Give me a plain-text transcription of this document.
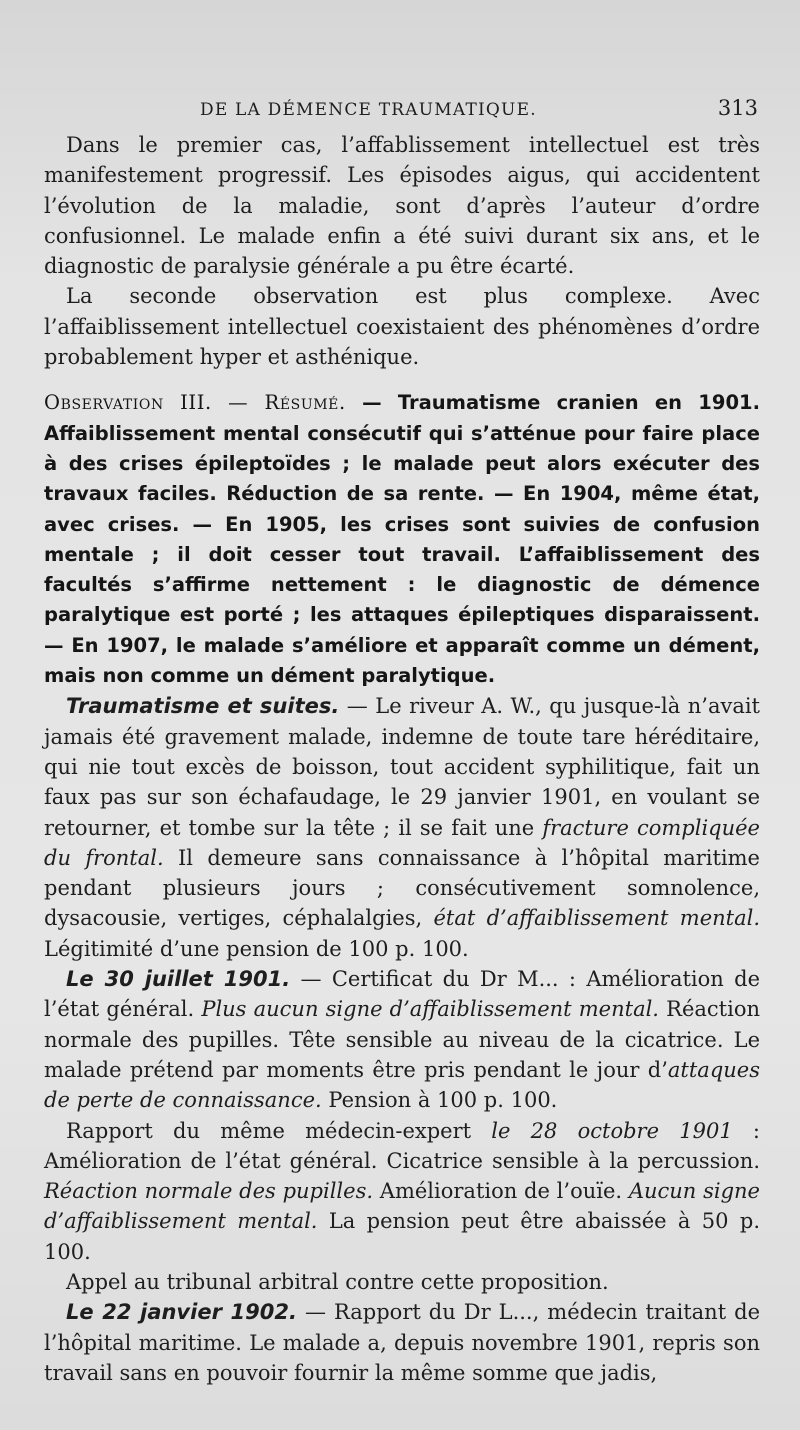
DE LA DÉMENCE TRAUMATIQUE.	313

Dans le premier cas, l’affablissement intellectuel est très manifestement progressif. Les épisodes aigus, qui accidentent l’évolution de la maladie, sont d’après l’auteur d’ordre confusionnel. Le malade enfin a été suivi durant six ans, et le diagnostic de paralysie générale a pu être écarté.

La seconde observation est plus complexe. Avec l’affaiblissement intellectuel coexistaient des phénomènes d’ordre probablement hyper et asthénique.

Observation III. — Résumé. — Traumatisme cranien en 1901. Affaiblissement mental consécutif qui s’atténue pour faire place à des crises épileptoïdes ; le malade peut alors exécuter des travaux faciles. Réduction de sa rente. — En 1904, même état, avec crises. — En 1905, les crises sont suivies de confusion mentale ; il doit cesser tout travail. L’affaiblissement des facultés s’affirme nettement : le diagnostic de démence paralytique est porté ; les attaques épileptiques disparaissent. — En 1907, le malade s’améliore et apparaît comme un dément, mais non comme un dément paralytique.

Traumatisme et suites. — Le riveur A. W., qu jusque-là n’avait jamais été gravement malade, indemne de toute tare héréditaire, qui nie tout excès de boisson, tout accident syphilitique, fait un faux pas sur son échafaudage, le 29 janvier 1901, en voulant se retourner, et tombe sur la tête ; il se fait une fracture compliquée du frontal. Il demeure sans connaissance à l’hôpital maritime pendant plusieurs jours ; consécutivement somnolence, dysacousie, vertiges, céphalalgies, état d’affaiblissement mental. Légitimité d’une pension de 100 p. 100.

Le 30 juillet 1901. — Certificat du Dr M... : Amélioration de l’état général. Plus aucun signe d’affaiblissement mental. Réaction normale des pupilles. Tête sensible au niveau de la cicatrice. Le malade prétend par moments être pris pendant le jour d’attaques de perte de connaissance. Pension à 100 p. 100.

Rapport du même médecin-expert le 28 octobre 1901 : Amélioration de l’état général. Cicatrice sensible à la percussion. Réaction normale des pupilles. Amélioration de l’ouïe. Aucun signe d’affaiblissement mental. La pension peut être abaissée à 50 p. 100.

Appel au tribunal arbitral contre cette proposition.

Le 22 janvier 1902. — Rapport du Dr L..., médecin traitant de l’hôpital maritime. Le malade a, depuis novembre 1901, repris son travail sans en pouvoir fournir la même somme que jadis,
